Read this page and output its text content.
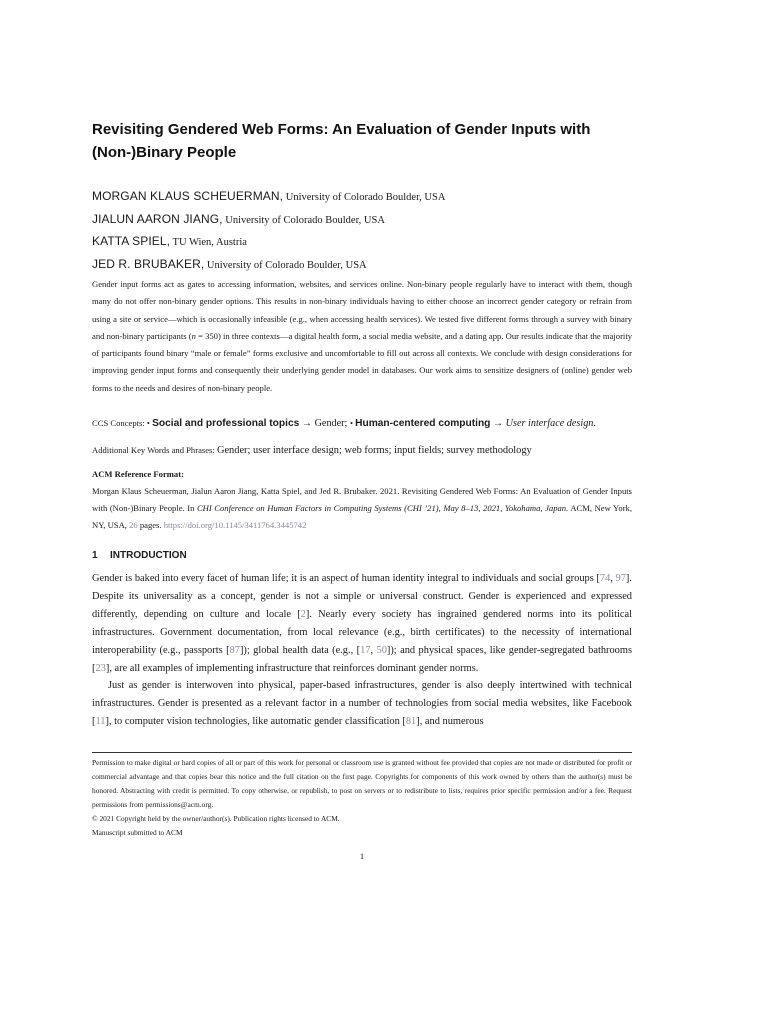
Revisiting Gendered Web Forms: An Evaluation of Gender Inputs with (Non-)Binary People
MORGAN KLAUS SCHEUERMAN, University of Colorado Boulder, USA
JIALUN AARON JIANG, University of Colorado Boulder, USA
KATTA SPIEL, TU Wien, Austria
JED R. BRUBAKER, University of Colorado Boulder, USA

Gender input forms act as gates to accessing information, websites, and services online. Non-binary people regularly have to interact with them, though many do not offer non-binary gender options. This results in non-binary individuals having to either choose an incorrect gender category or refrain from using a site or service—which is occasionally infeasible (e.g., when accessing health services). We tested five different forms through a survey with binary and non-binary participants (n = 350) in three contexts—a digital health form, a social media website, and a dating app. Our results indicate that the majority of participants found binary “male or female” forms exclusive and uncomfortable to fill out across all contexts. We conclude with design considerations for improving gender input forms and consequently their underlying gender model in databases. Our work aims to sensitize designers of (online) gender web forms to the needs and desires of non-binary people.

CCS Concepts: • Social and professional topics → Gender; • Human-centered computing → User interface design.
Additional Key Words and Phrases: Gender; user interface design; web forms; input fields; survey methodology
ACM Reference Format:

Morgan Klaus Scheuerman, Jialun Aaron Jiang, Katta Spiel, and Jed R. Brubaker. 2021. Revisiting Gendered Web Forms: An Evaluation of Gender Inputs with (Non-)Binary People. In CHI Conference on Human Factors in Computing Systems (CHI ’21), May 8–13, 2021, Yokohama, Japan. ACM, New York, NY, USA, 26 pages. https://doi.org/10.1145/3411764.3445742

1 INTRODUCTION

Gender is baked into every facet of human life; it is an aspect of human identity integral to individuals and social groups [74, 97]. Despite its universality as a concept, gender is not a simple or universal construct. Gender is experienced and expressed differently, depending on culture and locale [2]. Nearly every society has ingrained gendered norms into its political infrastructures. Government documentation, from local relevance (e.g., birth certificates) to the necessity of international interoperability (e.g., passports [87]); global health data (e.g., [17, 50]); and physical spaces, like gender-segregated bathrooms [23], are all examples of implementing infrastructure that reinforces dominant gender norms.

Just as gender is interwoven into physical, paper-based infrastructures, gender is also deeply intertwined with technical infrastructures. Gender is presented as a relevant factor in a number of technologies from social media websites, like Facebook [11], to computer vision technologies, like automatic gender classification [81], and numerous

Permission to make digital or hard copies of all or part of this work for personal or classroom use is granted without fee provided that copies are not made or distributed for profit or commercial advantage and that copies bear this notice and the full citation on the first page. Copyrights for components of this work owned by others than the author(s) must be honored. Abstracting with credit is permitted. To copy otherwise, or republish, to post on servers or to redistribute to lists, requires prior specific permission and/or a fee. Request permissions from permissions@acm.org.

© 2021 Copyright held by the owner/author(s). Publication rights licensed to ACM.

Manuscript submitted to ACM

1
